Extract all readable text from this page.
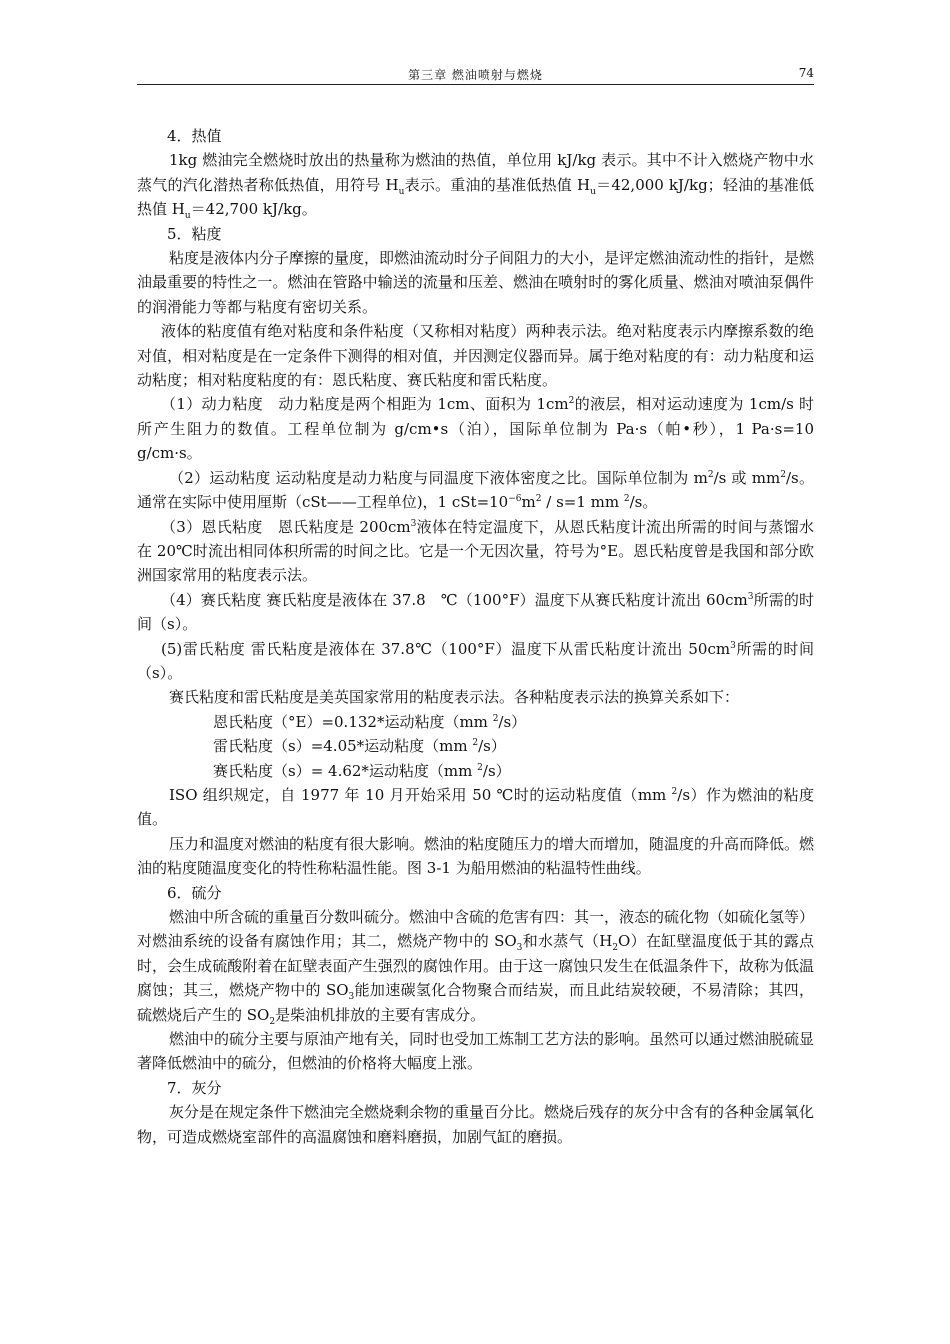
第三章 燃油喷射与燃烧	74

4．热值

1kg 燃油完全燃烧时放出的热量称为燃油的热值，单位用 kJ/kg 表示。其中不计入燃烧产物中水蒸气的汽化潜热者称低热值，用符号 $H_u$表示。重油的基准低热值 $H_u=42,000$ kJ/kg；轻油的基准低热值 $H_u=42,700$ kJ/kg。

5．粘度

粘度是液体内分子摩擦的量度，即燃油流动时分子间阻力的大小，是评定燃油流动性的指针，是燃油最重要的特性之一。燃油在管路中输送的流量和压差、燃油在喷射时的雾化质量、燃油对喷油泵偶件的润滑能力等都与粘度有密切关系。

液体的粘度值有绝对粘度和条件粘度（又称相对粘度）两种表示法。绝对粘度表示内摩擦系数的绝对值，相对粘度是在一定条件下测得的相对值，并因测定仪器而异。属于绝对粘度的有：动力粘度和运动粘度；相对粘度粘度的有：恩氏粘度、赛氏粘度和雷氏粘度。

（1）动力粘度　动力粘度是两个相距为 1cm、面积为 $1cm^2$的液层，相对运动速度为 1cm/s 时所产生阻力的数值。工程单位制为 g/cm•s（泊），国际单位制为 Pa·s（帕•秒），1 Pa·s=10 g/cm·s。

（2）运动粘度 运动粘度是动力粘度与同温度下液体密度之比。国际单位制为 $m^2/s$ 或 $mm^2/s$。通常在实际中使用厘斯（cSt——工程单位)，1 $cSt=10^{-6}m^2 / s=1$ mm $^2$/s。

（3）恩氏粘度　恩氏粘度是 $200cm^3$液体在特定温度下，从恩氏粘度计流出所需的时间与蒸馏水在 20℃时流出相同体积所需的时间之比。它是一个无因次量，符号为°E。恩氏粘度曾是我国和部分欧洲国家常用的粘度表示法。

（4）赛氏粘度 赛氏粘度是液体在 37.8　℃（100°F）温度下从赛氏粘度计流出 $60cm^3$所需的时间（s）。

(5)雷氏粘度 雷氏粘度是液体在 37.8℃（100°F）温度下从雷氏粘度计流出 $50cm^3$所需的时间（s）。

赛氏粘度和雷氏粘度是美英国家常用的粘度表示法。各种粘度表示法的换算关系如下：

恩氏粘度（°E）=0.132*运动粘度（mm $^2$/s）

雷氏粘度（s）=4.05*运动粘度（mm $^2$/s）

赛氏粘度（s）= 4.62*运动粘度（mm $^2$/s）

ISO 组织规定，自 1977 年 10 月开始采用 50 ℃时的运动粘度值（mm $^2$/s）作为燃油的粘度值。

压力和温度对燃油的粘度有很大影响。燃油的粘度随压力的增大而增加，随温度的升高而降低。燃油的粘度随温度变化的特性称粘温性能。图 3-1 为船用燃油的粘温特性曲线。

6．硫分

燃油中所含硫的重量百分数叫硫分。燃油中含硫的危害有四：其一，液态的硫化物（如硫化氢等）对燃油系统的设备有腐蚀作用；其二，燃烧产物中的 $SO_3$和水蒸气$(H_2O)$在缸壁温度低于其的露点时，会生成硫酸附着在缸壁表面产生强烈的腐蚀作用。由于这一腐蚀只发生在低温条件下，故称为低温腐蚀；其三，燃烧产物中的 $SO_3$能加速碳氢化合物聚合而结炭，而且此结炭较硬，不易清除；其四，硫燃烧后产生的 $SO_2$是柴油机排放的主要有害成分。

燃油中的硫分主要与原油产地有关，同时也受加工炼制工艺方法的影响。虽然可以通过燃油脱硫显著降低燃油中的硫分，但燃油的价格将大幅度上涨。

7．灰分

灰分是在规定条件下燃油完全燃烧剩余物的重量百分比。燃烧后残存的灰分中含有的各种金属氧化物，可造成燃烧室部件的高温腐蚀和磨料磨损，加剧气缸的磨损。
